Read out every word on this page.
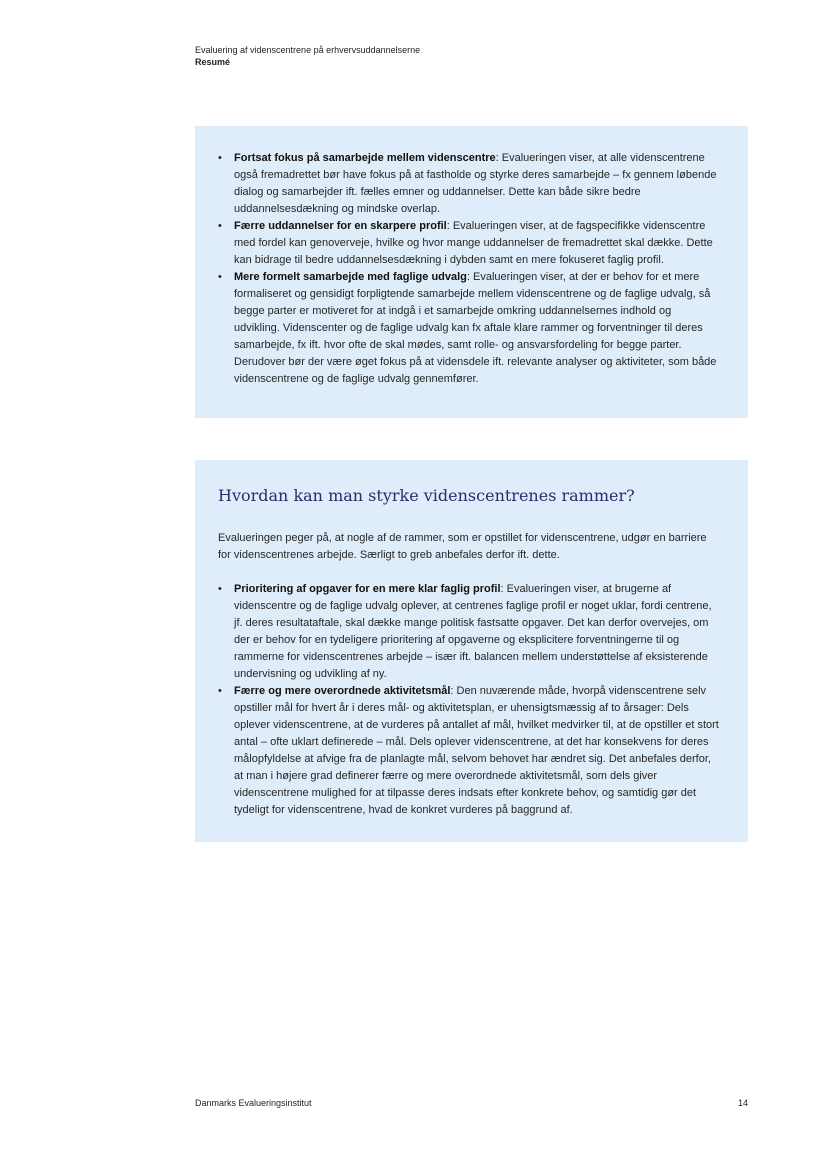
Evaluering af videnscentrene på erhvervsuddannelserne
Resumé
• Fortsat fokus på samarbejde mellem videnscentre: Evalueringen viser, at alle videnscentrene også fremadrettet bør have fokus på at fastholde og styrke deres samarbejde – fx gennem løbende dialog og samarbejder ift. fælles emner og uddannelser. Dette kan både sikre bedre uddannelsesdækning og mindske overlap.
• Færre uddannelser for en skarpere profil: Evalueringen viser, at de fagspecifikke videnscentre med fordel kan genoverveje, hvilke og hvor mange uddannelser de fremadrettet skal dække. Dette kan bidrage til bedre uddannelsesdækning i dybden samt en mere fokuseret faglig profil.
• Mere formelt samarbejde med faglige udvalg: Evalueringen viser, at der er behov for et mere formaliseret og gensidigt forpligtende samarbejde mellem videnscentrene og de faglige udvalg, så begge parter er motiveret for at indgå i et samarbejde omkring uddannelsernes indhold og udvikling. Videnscenter og de faglige udvalg kan fx aftale klare rammer og forventninger til deres samarbejde, fx ift. hvor ofte de skal mødes, samt rolle- og ansvarsfordeling for begge parter. Derudover bør der være øget fokus på at vidensdele ift. relevante analyser og aktiviteter, som både videnscentrene og de faglige udvalg gennemfører.
Hvordan kan man styrke videnscentrenes rammer?

Evalueringen peger på, at nogle af de rammer, som er opstillet for videnscentrene, udgør en barriere for videnscentrenes arbejde. Særligt to greb anbefales derfor ift. dette.

• Prioritering af opgaver for en mere klar faglig profil: Evalueringen viser, at brugerne af videnscentre og de faglige udvalg oplever, at centrenes faglige profil er noget uklar, fordi centrene, jf. deres resultataftale, skal dække mange politisk fastsatte opgaver. Det kan derfor overvejes, om der er behov for en tydeligere prioritering af opgaverne og eksplicitere forventningerne til og rammerne for videnscentrenes arbejde – især ift. balancen mellem understøttelse af eksisterende undervisning og udvikling af ny.
• Færre og mere overordnede aktivitetsmål: Den nuværende måde, hvorpå videnscentrene selv opstiller mål for hvert år i deres mål- og aktivitetsplan, er uhensigtsmæssig af to årsager: Dels oplever videnscentrene, at de vurderes på antallet af mål, hvilket medvirker til, at de opstiller et stort antal – ofte uklart definerede – mål. Dels oplever videnscentrene, at det har konsekvens for deres målopfyldelse at afvige fra de planlagte mål, selvom behovet har ændret sig. Det anbefales derfor, at man i højere grad definerer færre og mere overordnede aktivitetsmål, som dels giver videnscentrene mulighed for at tilpasse deres indsats efter konkrete behov, og samtidig gør det tydeligt for videnscentrene, hvad de konkret vurderes på baggrund af.
Danmarks Evalueringsinstitut	14
